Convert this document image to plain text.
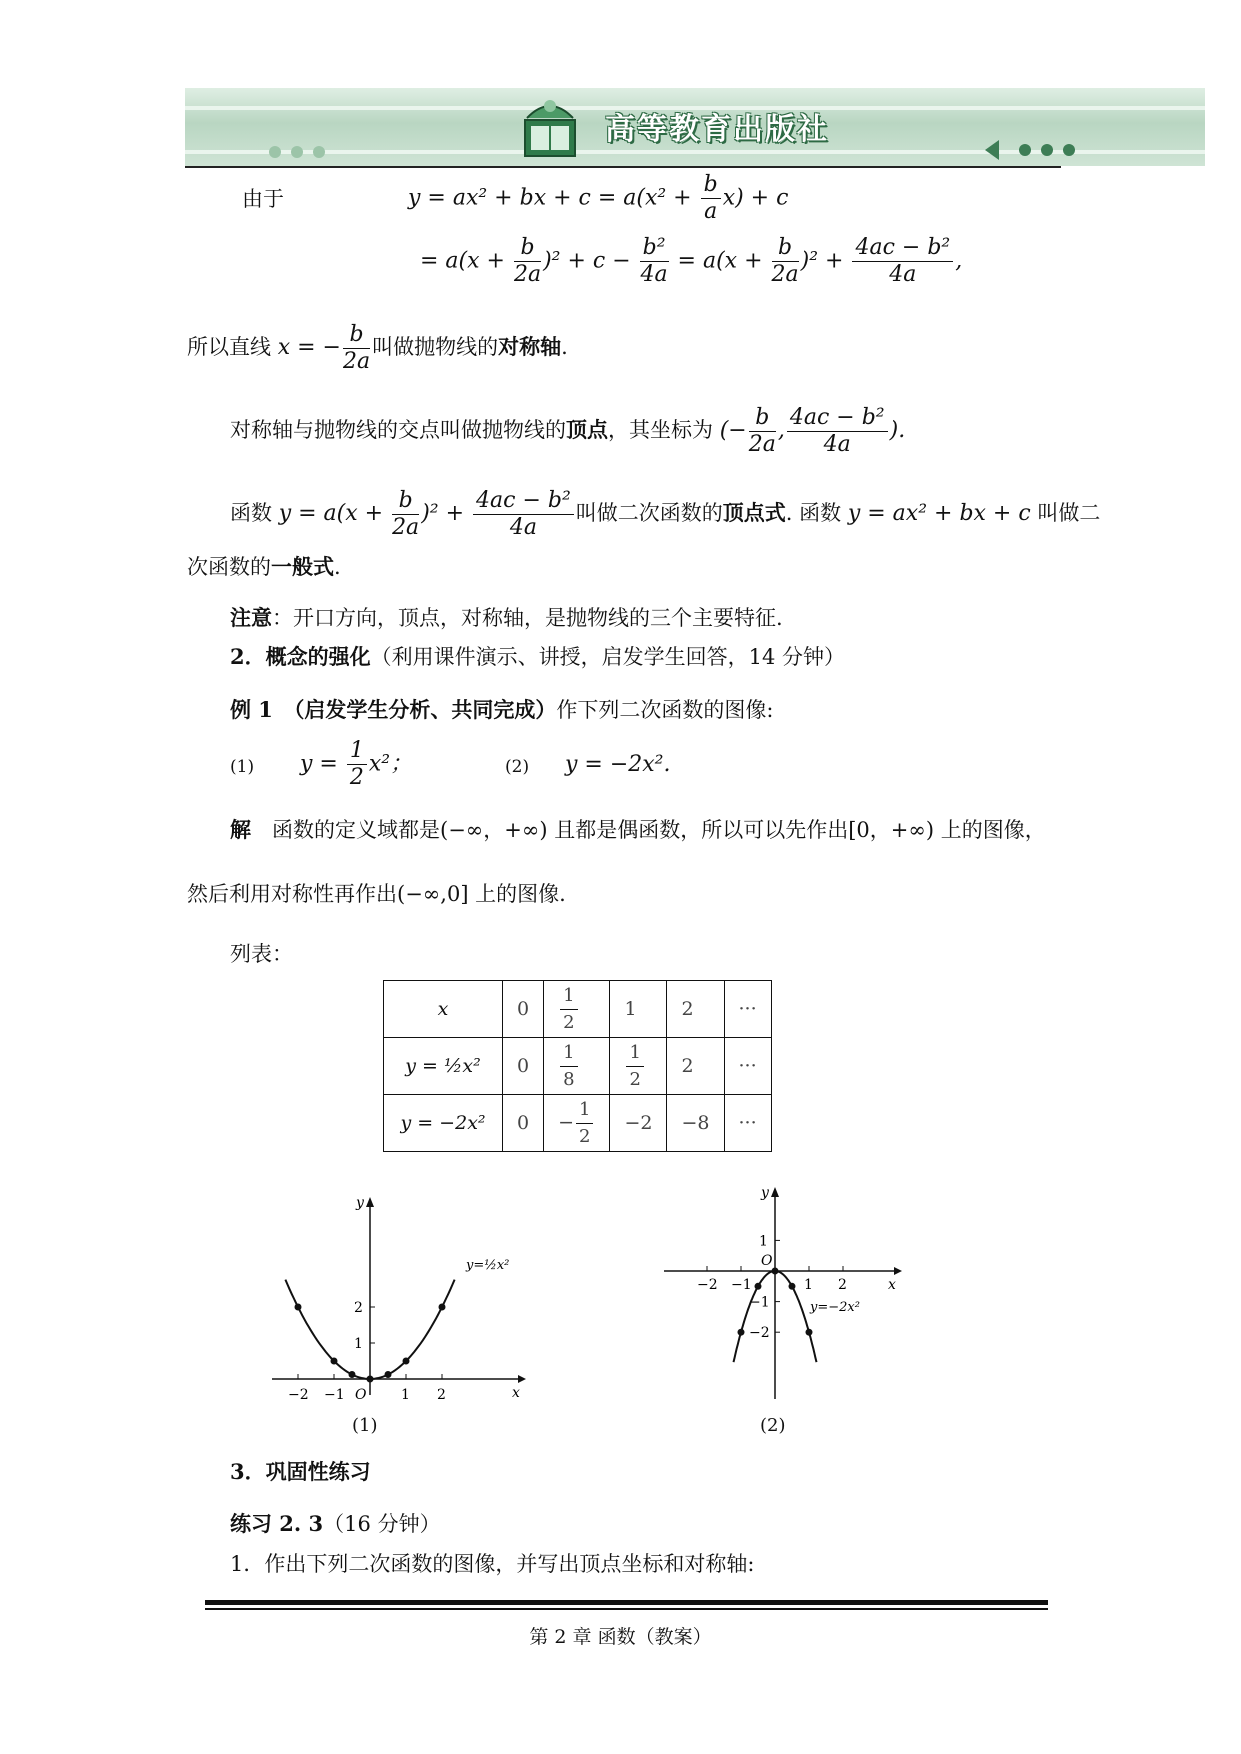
高等教育出版社
由于	y = ax² + bx + $c = a(x^2 + \frac{b}{a} x) + c$
= $a(x + \frac{b}{2a} )^2 + c - \frac{\text{b²}}{4a} = a(x + \frac{b}{2a} )^2 + \frac{\text{4ac − b²}}{4a}$ ,
所以直线 x = − $\frac{b}{2a}$ 叫做抛物线的对称轴.
对称轴与抛物线的交点叫做抛物线的顶点，其坐标为 (− $\frac{b}{2a}$ , $\frac{\text{4ac − b²}}{4a}$ ).
函数 $y = a(x + \frac{b}{2a} )^2 + \frac{\text{4ac − b²}}{4a}$ 叫做二次函数的顶点式. 函数 y = ax² + bx + c 叫做二
次函数的一般式.
注意：开口方向，顶点，对称轴，是抛物线的三个主要特征.
2．概念的强化（利用课件演示、讲授，启发学生回答，14 分钟）
例 1　（启发学生分析、共同完成）作下列二次函数的图像:
(1) $y = \frac{1}{2} x^2$；	(2) y = −2x².
解　 函数的定义域都是(−∞，+∞) 且都是偶函数，所以可以先作出[0，+∞) 上的图像，
然后利用对称性再作出(−∞,0] 上的图像.
列表：
x	0	$\frac{1}{2}$	1	2	···
y = ½x²	0	$\frac{1}{8}$	$\frac{1}{2}$	2	···
y = −2x²	0	− $\frac{1}{2}$	−2	−8	···
y
x
−2 −1 O 1 2
1
2
y=½x²
(1)
y
x
−2 −1
O
1 2
1
−1
−2
y=−2x²
(2)
3．巩固性练习
练习 2. 3（16 分钟）
1．作出下列二次函数的图像，并写出顶点坐标和对称轴:
第 2 章 函数（教案）
